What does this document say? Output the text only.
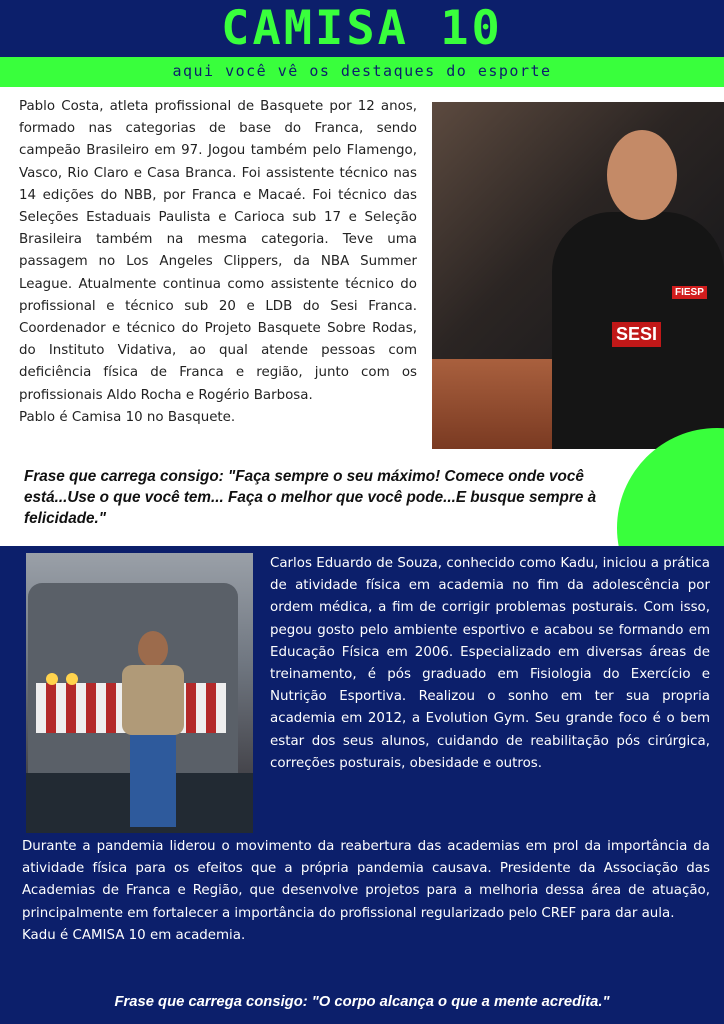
CAMISA 10
aqui você vê os destaques do esporte

Pablo Costa, atleta profissional de Basquete por 12 anos, formado nas categorias de base do Franca, sendo campeão Brasileiro em 97. Jogou também pelo Flamengo, Vasco, Rio Claro e Casa Branca. Foi assistente técnico nas 14 edições do NBB, por Franca e Macaé. Foi técnico das Seleções Estaduais Paulista e Carioca sub 17 e Seleção Brasileira também na mesma categoria. Teve uma passagem no Los Angeles Clippers, da NBA Summer League. Atualmente continua como assistente técnico do profissional e técnico sub 20 e LDB do Sesi Franca. Coordenador e técnico do Projeto Basquete Sobre Rodas, do Instituto Vidativa, ao qual atende pessoas com deficiência física de Franca e região, junto com os profissionais Aldo Rocha e Rogério Barbosa.

Pablo é Camisa 10 no Basquete.

FIESP
SESI
Frase que carrega consigo: "Faça sempre o seu máximo! Comece onde você está...Use o que você tem... Faça o melhor que você pode...E busque sempre à felicidade."
Carlos Eduardo de Souza, conhecido como Kadu, iniciou a prática de atividade física em academia no fim da adolescência por ordem médica, a fim de corrigir problemas posturais. Com isso, pegou gosto pelo ambiente esportivo e acabou se formando em Educação Física em 2006. Especializado em diversas áreas de treinamento, é pós graduado em Fisiologia do Exercício e Nutrição Esportiva. Realizou o sonho em ter sua propria academia em 2012, a Evolution Gym. Seu grande foco é o bem estar dos seus alunos, cuidando de reabilitação pós cirúrgica, correções posturais, obesidade e outros.

Durante a pandemia liderou o movimento da reabertura das academias em prol da importância da atividade física para os efeitos que a própria pandemia causava. Presidente da Associação das Academias de Franca e Região, que desenvolve projetos para a melhoria dessa área de atuação, principalmente em fortalecer a importância do profissional regularizado pelo CREF para dar aula.

Kadu é CAMISA 10 em academia.

Frase que carrega consigo: "O corpo alcança o que a mente acredita."
